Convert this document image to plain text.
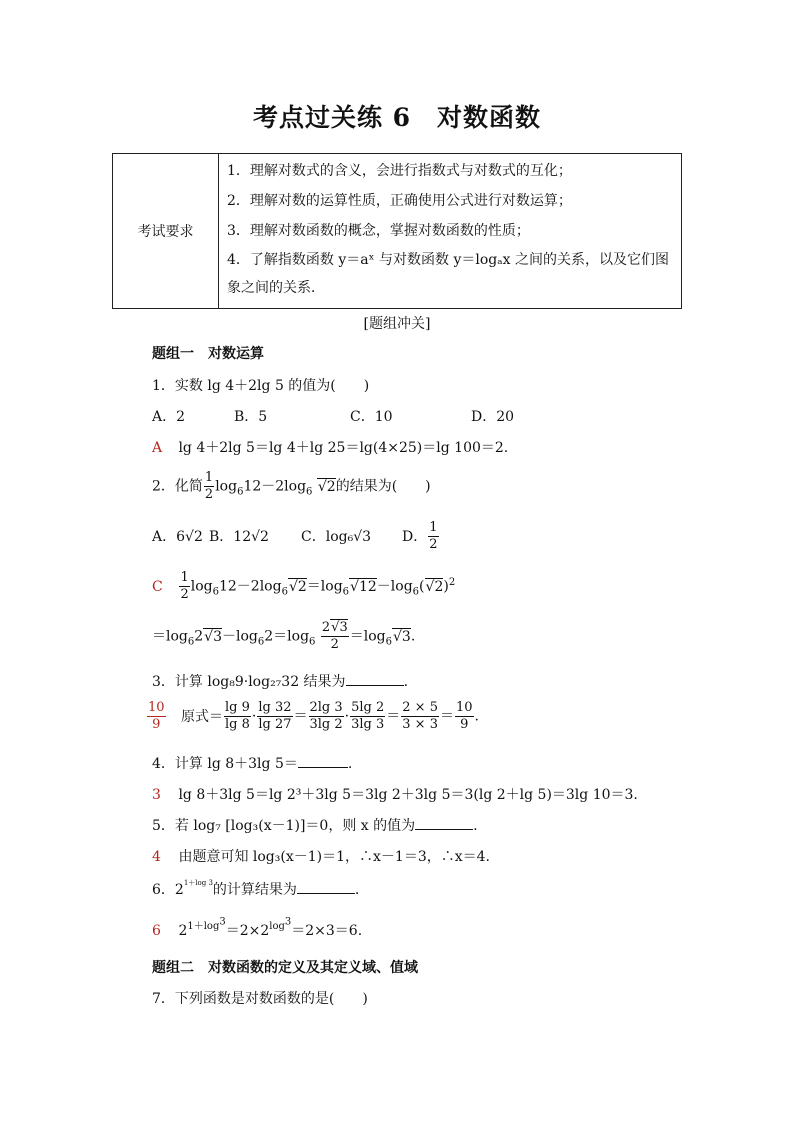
考点过关练 6　对数函数
考试要求
1．理解对数式的含义，会进行指数式与对数式的互化；
2．理解对数的运算性质，正确使用公式进行对数运算；
3．理解对数函数的概念，掌握对数函数的性质；
4．了解指数函数 y＝aˣ 与对数函数 y＝logₐx 之间的关系，以及它们图象之间的关系．
[题组冲关]
题组一　对数运算
1．实数 lg 4＋2lg 5 的值为(　　)
A．2	B．5	C．10	D．20
A lg 4＋2lg 5＝lg 4＋lg 25＝lg(4×25)＝lg 100＝2.
2．化简 $\frac{1}{2} \log_612-2\log_6$ √ 2的结果为(　　)
A．6√2 B．12√2 C．log₆√3 D． $\frac{1}{2}$
C $\frac{1}{2} \log_612-2\log_6√$ $2=\log_6√$ $12-\log_6(√$ 2)$^2$
$=\log_62√$ $3-\log_62=\log_6 \frac{2√ 3}{2} =\log_6√$ 3.
3．计算 log₈9·log₂₇32 结果为	.
$\frac{10}{9}$ 原式＝ $\frac{\lg 9}{\lg 8} \cdot \frac{\lg 32}{\lg 27} = \frac{2\lg 3}{3\lg 2} \cdot \frac{5\lg 2}{3\lg 3} = \frac{2 \times 5}{3 \times 3} = \frac{10}{9}$ .
4．计算 lg 8＋3lg 5＝	.
3 lg 8＋3lg 5＝lg 2³＋3lg 5＝3lg 2＋3lg 5＝3(lg 2＋lg 5)＝3lg 10＝3.
5．若 log₇ [log₃(x－1)]＝0，则 x 的值为	.
4 由题意可知 log₃(x－1)＝1，∴x－1＝3，∴x＝4.
6．$2^{1+log 3}$的计算结果为	.
6 $2^{1+log^3}=2\times 2^{log^3}=2\times 3=6$.
题组二　对数函数的定义及其定义域、值域
7．下列函数是对数函数的是(　　)
